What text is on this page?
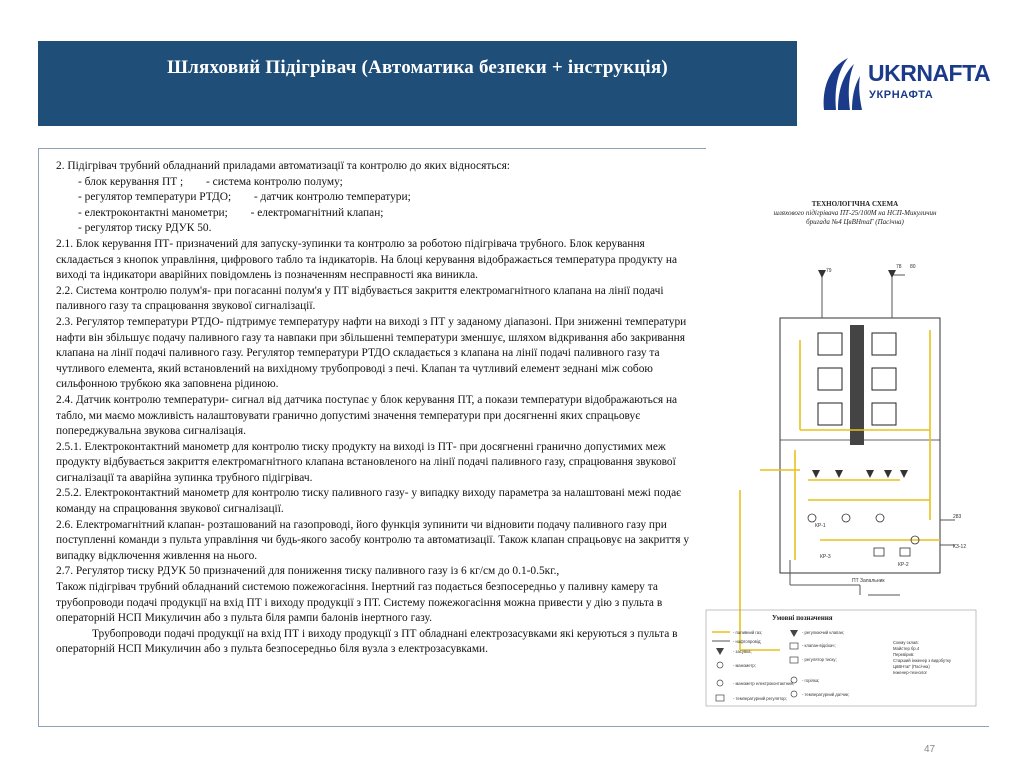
Шляховий Підігрівач (Автоматика безпеки + інструкція)	UKRNAFTA
УКРНАФТА

2. Підігрівач трубний обладнаний приладами автоматизації та контролю до яких відносяться:

- блок керування ПТ ;        - система контролю полуму;

- регулятор температури РТДО;        - датчик контролю температури;

- електроконтактні манометри;        - електромагнітний клапан;

- регулятор тиску РДУК 50.

2.1. Блок керування ПТ- призначений для запуску-зупинки та контролю за роботою підігрівача трубного. Блок керування складається з кнопок управління, цифрового табло та індикаторів. На блоці керування відображається температура продукту на виході та індикатори аварійних повідомлень із позначенням несправності яка виникла.

2.2. Система контролю полум'я- при погасанні полум'я у ПТ відбувається закриття електромагнітного клапана на лінії подачі паливного газу та спрацювання звукової сигналізації.

2.3. Регулятор температури РТДО- підтримує температуру нафти на виході з ПТ у заданому діапазоні. При зниженні температури нафти він збільшує подачу паливного газу та навпаки при збільшенні температури зменшує, шляхом відкривання або закривання клапана на лінії подачі паливного газу. Регулятор температури РТДО складається з клапана на лінії подачі паливного газу та чутливого елемента, який встановлений на вихідному трубопроводі з печі. Клапан та чутливий елемент зеднані між собою сильфонною трубкою яка заповнена рідиною.

2.4. Датчик контролю температури- сигнал від датчика поступає у блок керування ПТ, а покази температури відображаються на табло, ми маємо можливість налаштовувати гранично допустимі значення температури при досягненні яких спрацьовує попереджувальна звукова сигналізація.

2.5.1. Електроконтактний манометр для контролю тиску продукту на виході із ПТ- при досягненні гранично допустимих меж продукту відбувається закриття електромагнітного клапана встановленого на лінії подачі паливного газу, спрацювання звукової сигналізації та аварійна зупинка трубного підігрівач.

2.5.2. Електроконтактний манометр для контролю тиску паливного газу- у випадку виходу параметра за налаштовані межі подає команду на спрацювання звукової сигналізації.

2.6. Електромагнітний клапан- розташований на газопроводі, його функція зупинити чи відновити подачу паливного газу при поступленні команди з пульта управління чи будь-якого засобу контролю та автоматизації. Також клапан спрацьовує на закриття у випадку відключення живлення на нього.

2.7. Регулятор тиску РДУК 50 призначений для пониження тиску паливного газу із 6 кг/см до 0.1-0.5кг.,

Також підігрівач трубний обладнаний системою пожежогасіння. Інертний газ подається безпосередньо у паливну камеру та трубопроводи подачі продукції на вхід ПТ і виходу продукції з ПТ. Систему пожежогасіння можна привести у дію з пульта в операторній НСП Микуличин або з пульта біля рампи балонів інертного газу.

Трубопроводи подачі продукції на вхід ПТ і виходу продукції з ПТ обладнані електрозасувками які керуються з пульта в операторній НСП Микуличин або з пульта безпосередньо біля вузла з електрозасувками.

ТЕХНОЛОГІЧНА СХЕМА
шляхового підігрівача ПТ-25/100М на НСП-Микуличин
бригада №4 ЦвВНтаГ (Пасічна)
79
78 80
КР-1
КР-2
КР-3
283
КЗ-12
ПТ Запальник
Умовні позначення
- паливний газ;
- нафтопровід;
- засувка;
- манометр;
- манометр електроконтактний;
- температурний регулятор;
- регулюючий клапан;
- клапан-відсікач;
- регулятор тиску;
- горілка;
- температурний датчик;
Схему склав:
Майстер бр.4
Перевірив:
Старший інженер з видобутку
ЦвВНтаГ (Пасічна)
Інженер-технолог
47
